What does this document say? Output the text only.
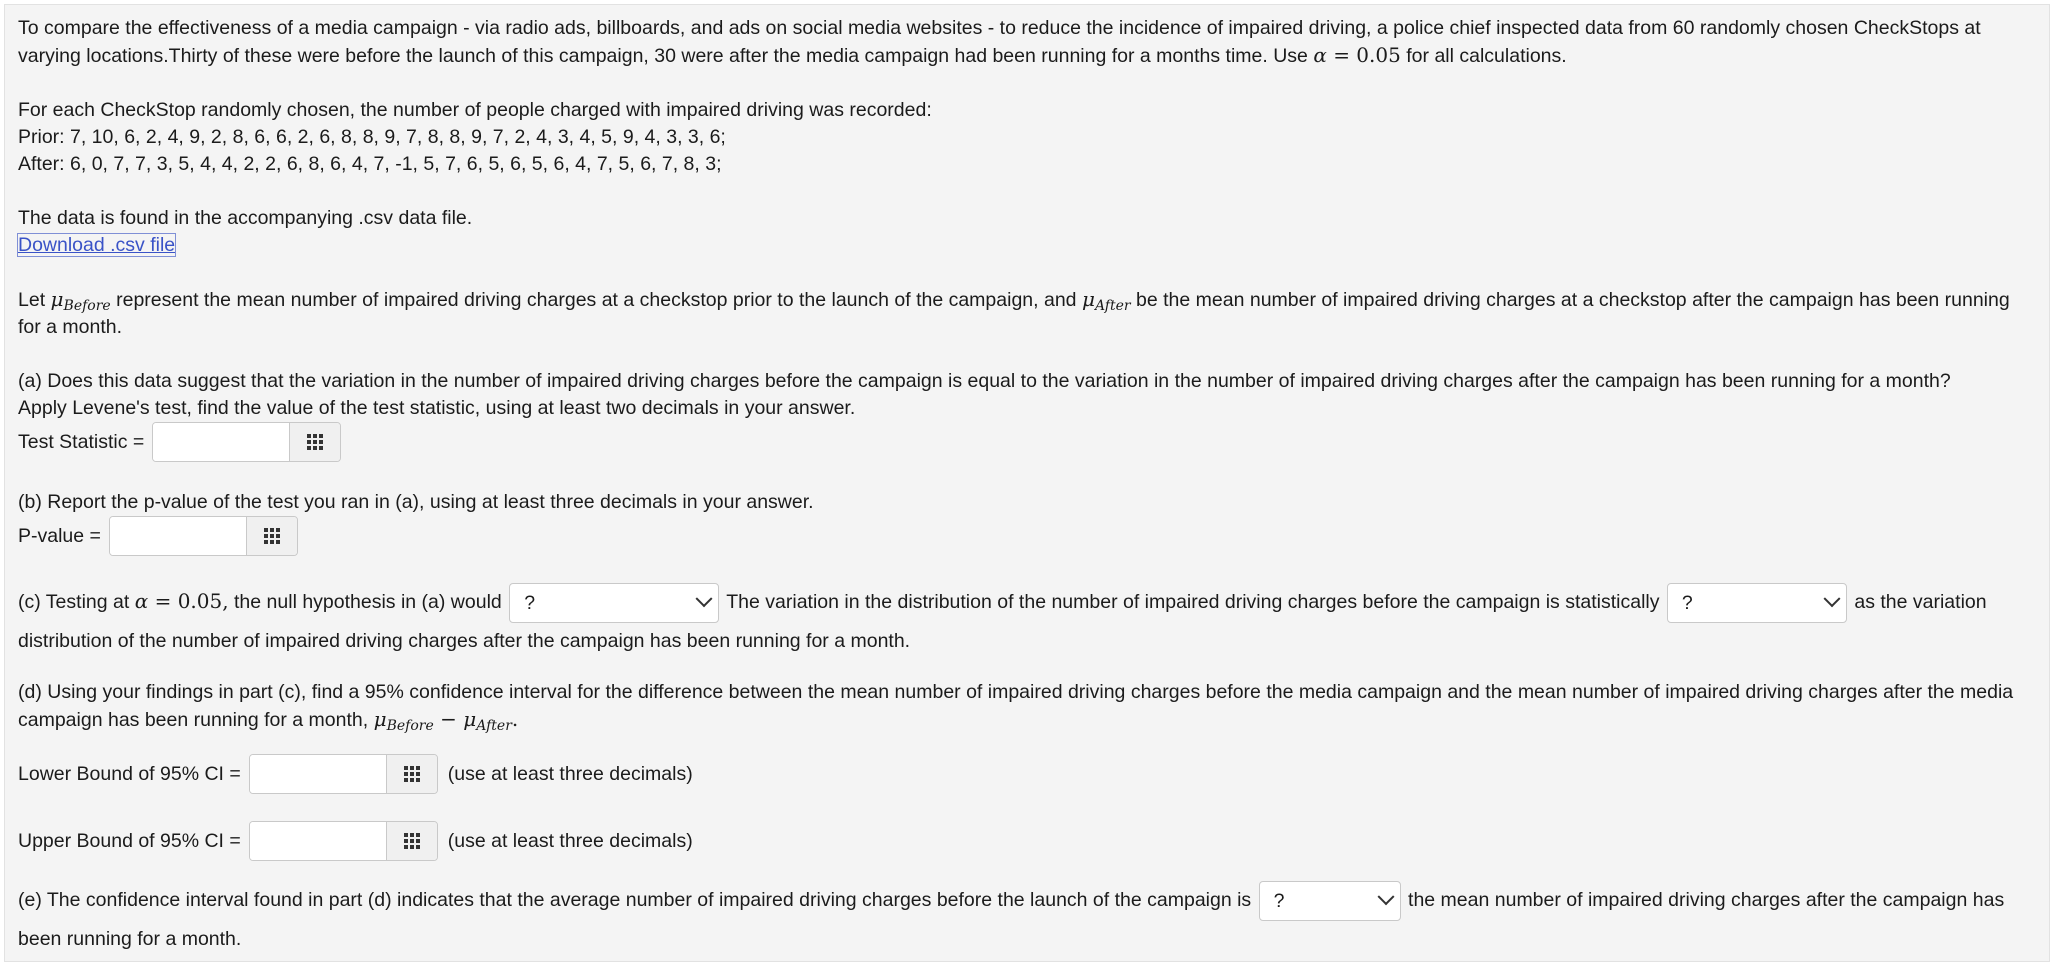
To compare the effectiveness of a media campaign - via radio ads, billboards, and ads on social media websites - to reduce the incidence of impaired driving, a police chief inspected data from 60 randomly chosen CheckStops at varying locations.Thirty of these were before the launch of this campaign, 30 were after the media campaign had been running for a months time. Use α = 0.05 for all calculations.

For each CheckStop randomly chosen, the number of people charged with impaired driving was recorded:

Prior: 7, 10, 6, 2, 4, 9, 2, 8, 6, 6, 2, 6, 8, 8, 9, 7, 8, 8, 9, 7, 2, 4, 3, 4, 5, 9, 4, 3, 3, 6;

After: 6, 0, 7, 7, 3, 5, 4, 4, 2, 2, 6, 8, 6, 4, 7, -1, 5, 7, 6, 5, 6, 5, 6, 4, 7, 5, 6, 7, 8, 3;

The data is found in the accompanying .csv data file.

Download .csv file

Let $\mu_{Before}$ represent the mean number of impaired driving charges at a checkstop prior to the launch of the campaign, and $\mu_{After}$ be the mean number of impaired driving charges at a checkstop after the campaign has been running for a month.

(a) Does this data suggest that the variation in the number of impaired driving charges before the campaign is equal to the variation in the number of impaired driving charges after the campaign has been running for a month?

Apply Levene's test, find the value of the test statistic, using at least two decimals in your answer.

Test Statistic =

(b) Report the p-value of the test you ran in (a), using at least three decimals in your answer.

P-value =

(c) Testing at α = 0.05, the null hypothesis in (a) would ?	The variation in the distribution of the number of impaired driving charges before the campaign is statistically ?	as the variation distribution of the number of impaired driving charges after the campaign has been running for a month.

(d) Using your findings in part (c), find a 95% confidence interval for the difference between the mean number of impaired driving charges before the media campaign and the mean number of impaired driving charges after the media campaign has been running for a month, $\mu_{Before} - \mu_{After}$.

Lower Bound of 95% CI =	(use at least three decimals)
Upper Bound of 95% CI =	(use at least three decimals)

(e) The confidence interval found in part (d) indicates that the average number of impaired driving charges before the launch of the campaign is ?	the mean number of impaired driving charges after the campaign has been running for a month.
